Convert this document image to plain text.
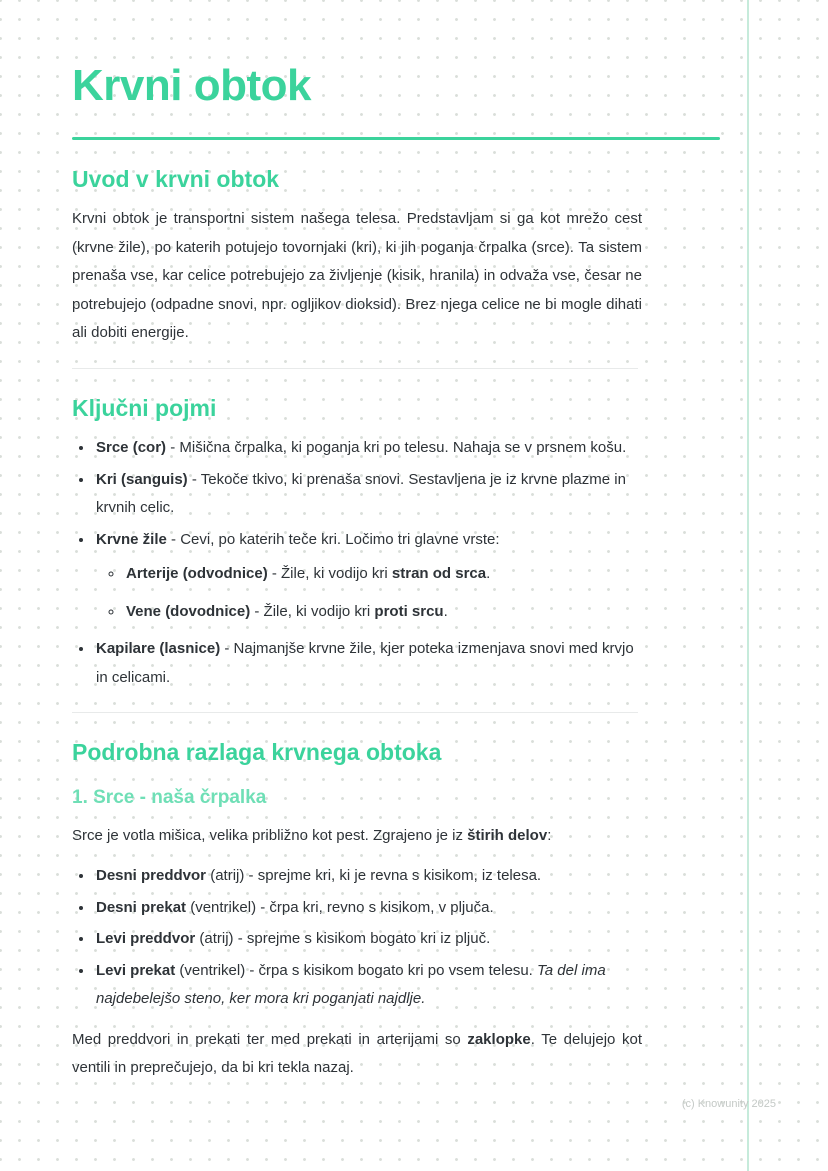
Krvni obtok
Uvod v krvni obtok

Krvni obtok je transportni sistem našega telesa. Predstavljam si ga kot mrežo cest (krvne žile), po katerih potujejo tovornjaki (kri), ki jih poganja črpalka (srce). Ta sistem prenaša vse, kar celice potrebujejo za življenje (kisik, hranila) in odvaža vse, česar ne potrebujejo (odpadne snovi, npr. ogljikov dioksid). Brez njega celice ne bi mogle dihati ali dobiti energije.

Ključni pojmi
• Srce (cor) - Mišična črpalka, ki poganja kri po telesu. Nahaja se v prsnem košu.
• Kri (sanguis) - Tekoče tkivo, ki prenaša snovi. Sestavljena je iz krvne plazme in krvnih celic.
• Krvne žile - Cevi, po katerih teče kri. Ločimo tri glavne vrste:
◦ Arterije (odvodnice) - Žile, ki vodijo kri stran od srca.
◦ Vene (dovodnice) - Žile, ki vodijo kri proti srcu.
• Kapilare (lasnice) - Najmanjše krvne žile, kjer poteka izmenjava snovi med krvjo in celicami.
Podrobna razlaga krvnega obtoka
1. Srce - naša črpalka

Srce je votla mišica, velika približno kot pest. Zgrajeno je iz štirih delov:

• Desni preddvor (atrij) - sprejme kri, ki je revna s kisikom, iz telesa.
• Desni prekat (ventrikel) - črpa kri, revno s kisikom, v pljuča.
• Levi preddvor (atrij) - sprejme s kisikom bogato kri iz pljuč.
• Levi prekat (ventrikel) - črpa s kisikom bogato kri po vsem telesu. Ta del ima najdebelejšo steno, ker mora kri poganjati najdlje.

Med preddvori in prekati ter med prekati in arterijami so zaklopke. Te delujejo kot ventili in preprečujejo, da bi kri tekla nazaj.

(c) Knowunity 2025
